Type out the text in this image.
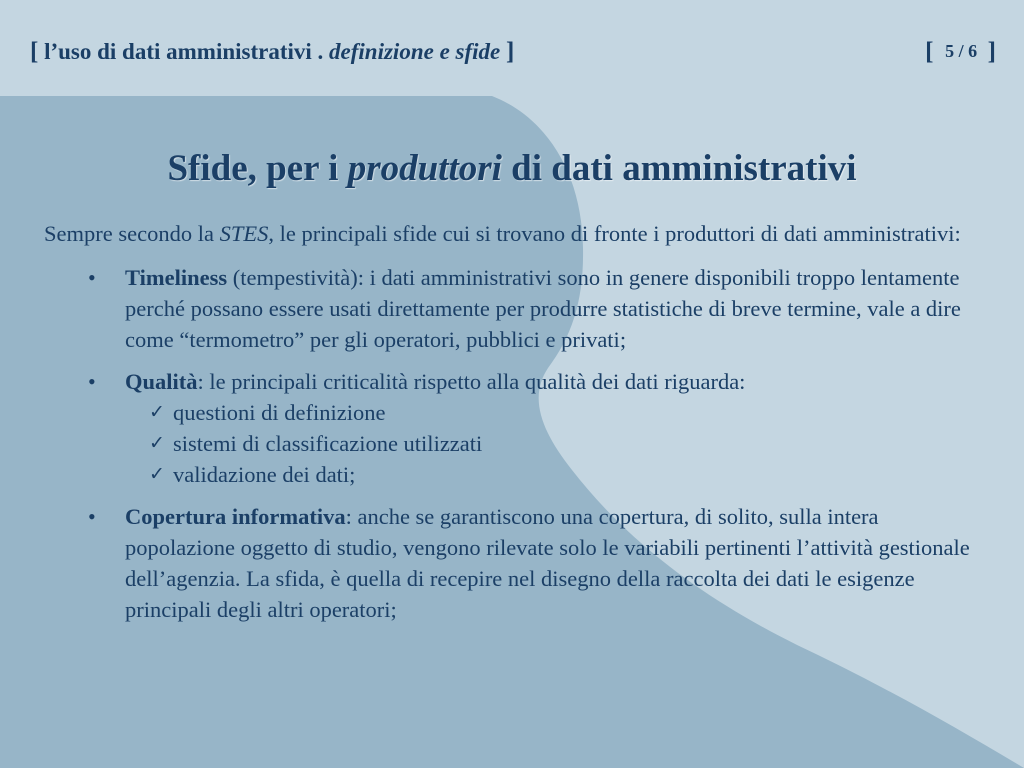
[ l’uso di dati amministrativi . definizione e sfide ]	[ 5 / 6 ]
Sfide, per i produttori di dati amministrativi

Sempre secondo la STES, le principali sfide cui si trovano di fronte i produttori di dati amministrativi:

• Timeliness (tempestività): i dati amministrativi sono in genere disponibili troppo lentamente perché possano essere usati direttamente per produrre statistiche di breve termine, vale a dire come “termometro” per gli operatori, pubblici e privati;
• Qualità: le principali criticalità rispetto alla qualità dei dati riguarda:
✓ questioni di definizione
✓ sistemi di classificazione utilizzati
✓ validazione dei dati;
• Copertura informativa: anche se garantiscono una copertura, di solito, sulla intera popolazione oggetto di studio, vengono rilevate solo le variabili pertinenti l’attività gestionale dell’agenzia. La sfida, è quella di recepire nel disegno della raccolta dei dati le esigenze principali degli altri operatori;
